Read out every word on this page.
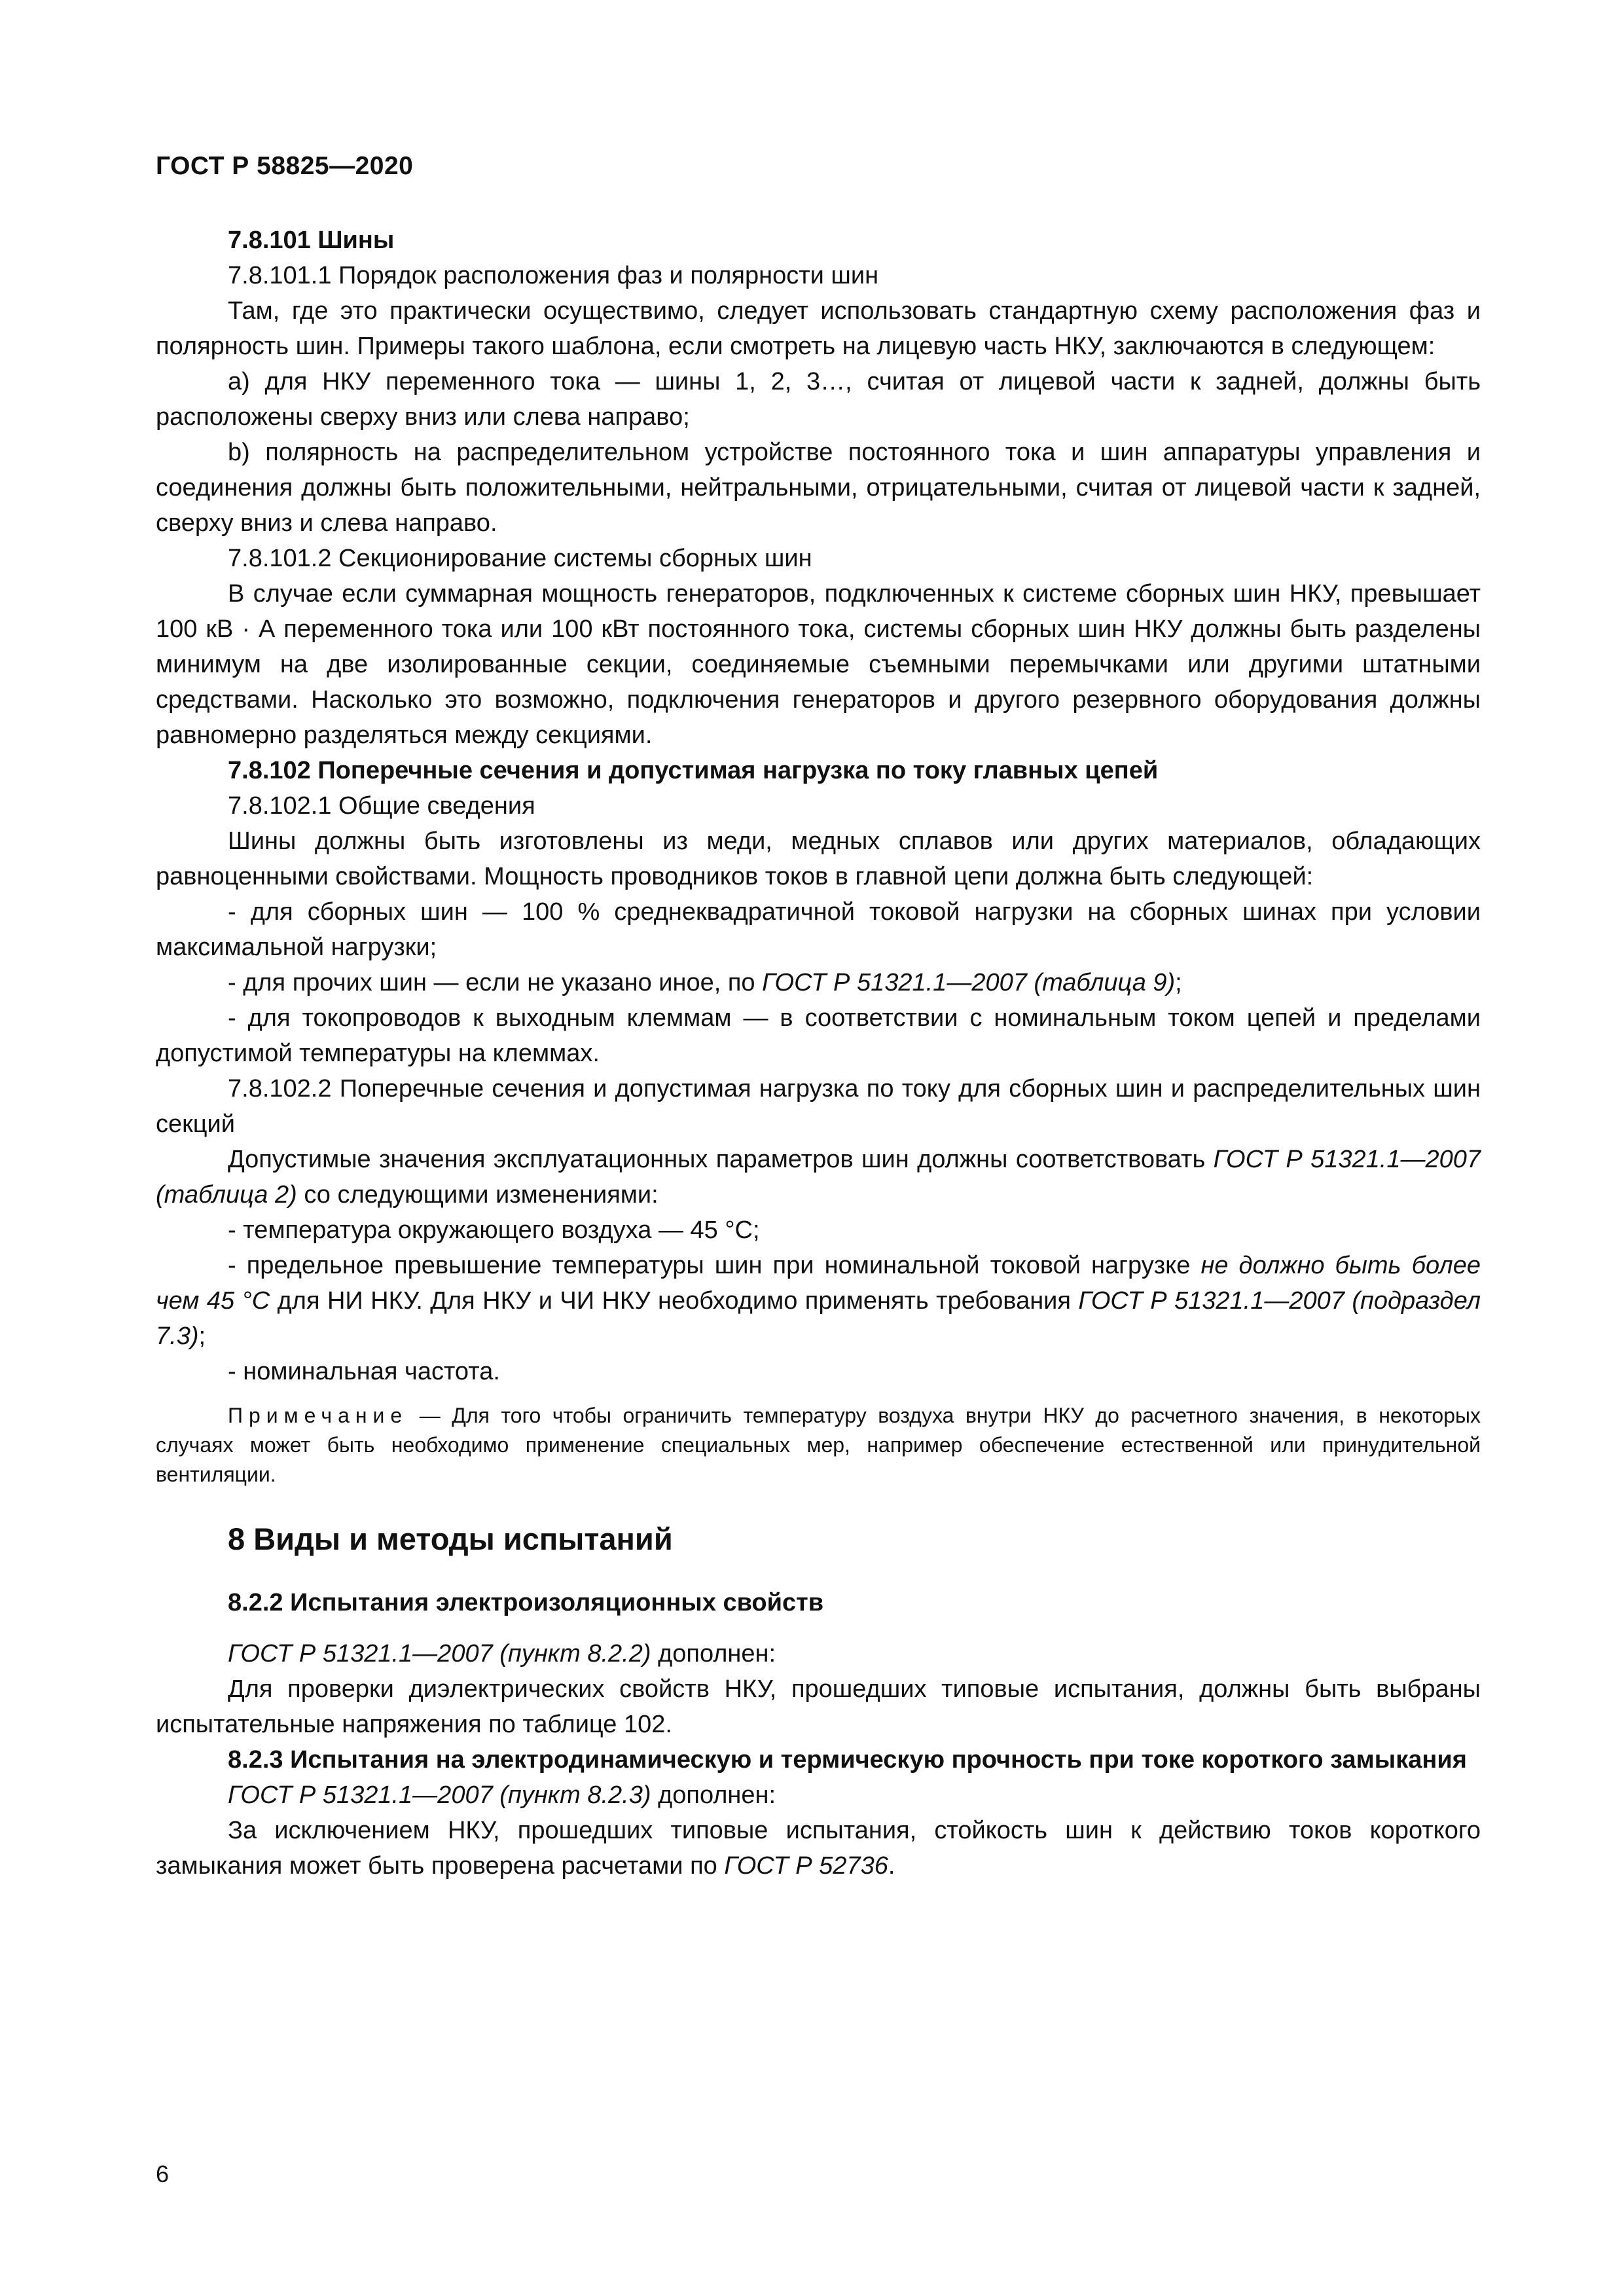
ГОСТ Р 58825—2020

7.8.101 Шины

7.8.101.1 Порядок расположения фаз и полярности шин

Там, где это практически осуществимо, следует использовать стандартную схему расположения фаз и полярность шин. Примеры такого шаблона, если смотреть на лицевую часть НКУ, заключаются в следующем:

a) для НКУ переменного тока — шины 1, 2, 3…, считая от лицевой части к задней, должны быть расположены сверху вниз или слева направо;

b) полярность на распределительном устройстве постоянного тока и шин аппаратуры управления и соединения должны быть положительными, нейтральными, отрицательными, считая от лицевой части к задней, сверху вниз и слева направо.

7.8.101.2 Секционирование системы сборных шин

В случае если суммарная мощность генераторов, подключенных к системе сборных шин НКУ, превышает 100 кВ · А переменного тока или 100 кВт постоянного тока, системы сборных шин НКУ должны быть разделены минимум на две изолированные секции, соединяемые съемными перемычками или другими штатными средствами. Насколько это возможно, подключения генераторов и другого резервного оборудования должны равномерно разделяться между секциями.

7.8.102 Поперечные сечения и допустимая нагрузка по току главных цепей

7.8.102.1 Общие сведения

Шины должны быть изготовлены из меди, медных сплавов или других материалов, обладающих равноценными свойствами. Мощность проводников токов в главной цепи должна быть следующей:

- для сборных шин — 100 % среднеквадратичной токовой нагрузки на сборных шинах при условии максимальной нагрузки;

- для прочих шин — если не указано иное, по ГОСТ Р 51321.1—2007 (таблица 9);

- для токопроводов к выходным клеммам — в соответствии с номинальным током цепей и пределами допустимой температуры на клеммах.

7.8.102.2 Поперечные сечения и допустимая нагрузка по току для сборных шин и распределительных шин секций

Допустимые значения эксплуатационных параметров шин должны соответствовать ГОСТ Р 51321.1—2007 (таблица 2) со следующими изменениями:

- температура окружающего воздуха — 45 °С;

- предельное превышение температуры шин при номинальной токовой нагрузке не должно быть более чем 45 °С для НИ НКУ. Для НКУ и ЧИ НКУ необходимо применять требования ГОСТ Р 51321.1—2007 (подраздел 7.3);

- номинальная частота.

Примечание — Для того чтобы ограничить температуру воздуха внутри НКУ до расчетного значения, в некоторых случаях может быть необходимо применение специальных мер, например обеспечение естественной или принудительной вентиляции.

8 Виды и методы испытаний

8.2.2 Испытания электроизоляционных свойств

ГОСТ Р 51321.1—2007 (пункт 8.2.2) дополнен:

Для проверки диэлектрических свойств НКУ, прошедших типовые испытания, должны быть выбраны испытательные напряжения по таблице 102.

8.2.3 Испытания на электродинамическую и термическую прочность при токе короткого замыкания

ГОСТ Р 51321.1—2007 (пункт 8.2.3) дополнен:

За исключением НКУ, прошедших типовые испытания, стойкость шин к действию токов короткого замыкания может быть проверена расчетами по ГОСТ Р 52736.

6
